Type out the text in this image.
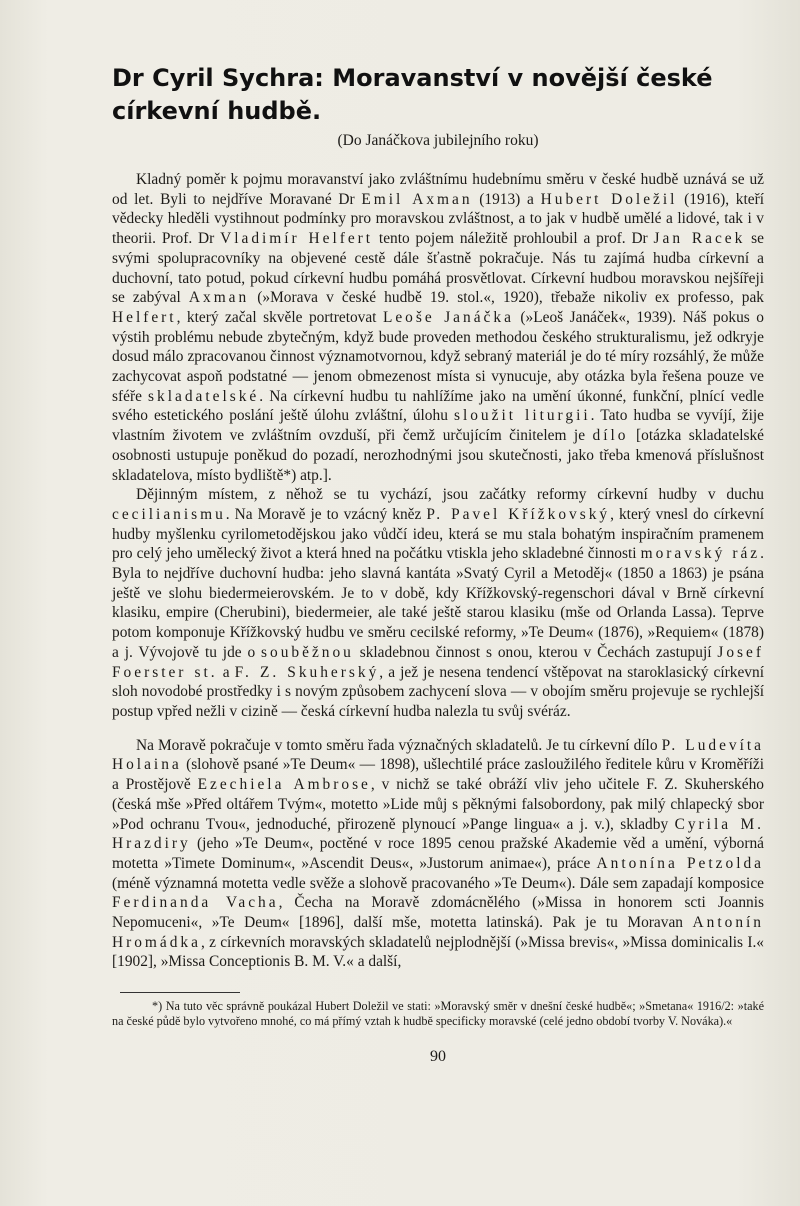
Dr Cyril Sychra: Moravanství v novější české církevní hudbě.
(Do Janáčkova jubilejního roku)

Kladný poměr k pojmu moravanství jako zvláštnímu hudebnímu směru v české hudbě uznává se už od let. Byli to nejdříve Moravané Dr Emil Axman (1913) a Hubert Doležil (1916), kteří vědecky hleděli vystihnout podmínky pro moravskou zvláštnost, a to jak v hudbě umělé a lidové, tak i v theorii. Prof. Dr Vladimír Helfert tento pojem náležitě prohloubil a prof. Dr Jan Racek se svými spolupracovníky na objevené cestě dále šťastně pokračuje. Nás tu zajímá hudba církevní a duchovní, tato potud, pokud církevní hudbu pomáhá prosvětlovat. Církevní hudbou moravskou nejšířeji se zabýval Axman (»Morava v české hudbě 19. stol.«, 1920), třebaže nikoliv ex professo, pak Helfert, který začal skvěle portretovat Leoše Janáčka (»Leoš Janáček«, 1939). Náš pokus o výstih problému nebude zbytečným, když bude proveden methodou českého strukturalismu, jež odkryje dosud málo zpracovanou činnost významotvornou, když sebraný materiál je do té míry rozsáhlý, že může zachycovat aspoň podstatné — jenom obmezenost místa si vynucuje, aby otázka byla řešena pouze ve sféře skladatelské. Na církevní hudbu tu nahlížíme jako na umění úkonné, funkční, plnící vedle svého estetického poslání ještě úlohu zvláštní, úlohu sloužit liturgii. Tato hudba se vyvíjí, žije vlastním životem ve zvláštním ovzduší, při čemž určujícím činitelem je dílo [otázka skladatelské osobnosti ustupuje poněkud do pozadí, nerozhodnými jsou skutečnosti, jako třeba kmenová příslušnost skladatelova, místo bydliště*) atp.].

Dějinným místem, z něhož se tu vychází, jsou začátky reformy církevní hudby v duchu cecilianismu. Na Moravě je to vzácný kněz P. Pavel Křížkovský, který vnesl do církevní hudby myšlenku cyrilometodějskou jako vůdčí ideu, která se mu stala bohatým inspiračním pramenem pro celý jeho umělecký život a která hned na počátku vtiskla jeho skladebné činnosti moravský ráz. Byla to nejdříve duchovní hudba: jeho slavná kantáta »Svatý Cyril a Metoděj« (1850 a 1863) je psána ještě ve slohu biedermeierovském. Je to v době, kdy Křížkovský-regenschori dával v Brně církevní klasiku, empire (Cherubini), biedermeier, ale také ještě starou klasiku (mše od Orlanda Lassa). Teprve potom komponuje Křížkovský hudbu ve směru cecilské reformy, »Te Deum« (1876), »Requiem« (1878) a j. Vývojově tu jde o souběžnou skladebnou činnost s onou, kterou v Čechách zastupují Josef Foerster st. a F. Z. Skuherský, a jež je nesena tendencí vštěpovat na staroklasický církevní sloh novodobé prostředky i s novým způsobem zachycení slova — v obojím směru projevuje se rychlejší postup vpřed nežli v cizině — česká církevní hudba nalezla tu svůj svéráz.

Na Moravě pokračuje v tomto směru řada význačných skladatelů. Je tu církevní dílo P. Ludevíta Holaina (slohově psané »Te Deum« — 1898), ušlechtilé práce zasloužilého ředitele kůru v Kroměříži a Prostějově Ezechiela Ambrose, v nichž se také obráží vliv jeho učitele F. Z. Skuherského (česká mše »Před oltářem Tvým«, motetto »Lide můj s pěknými falsobordony, pak milý chlapecký sbor »Pod ochranu Tvou«, jednoduché, přirozeně plynoucí »Pange lingua« a j. v.), skladby Cyrila M. Hrazdiry (jeho »Te Deum«, poctěné v roce 1895 cenou pražské Akademie věd a umění, výborná motetta »Timete Dominum«, »Ascendit Deus«, »Justorum animae«), práce Antonína Petzolda (méně významná motetta vedle svěže a slohově pracovaného »Te Deum«). Dále sem zapadají komposice Ferdinanda Vacha, Čecha na Moravě zdomácnělého (»Missa in honorem scti Joannis Nepomuceni«, »Te Deum« [1896], další mše, motetta latinská). Pak je tu Moravan Antonín Hromádka, z církevních moravských skladatelů nejplodnější (»Missa brevis«, »Missa dominicalis I.« [1902], »Missa Conceptionis B. M. V.« a další,

*) Na tuto věc správně poukázal Hubert Doležil ve stati: »Moravský směr v dnešní české hudbě«; »Smetana« 1916/2: »také na české půdě bylo vytvořeno mnohé, co má přímý vztah k hudbě specificky moravské (celé jedno období tvorby V. Nováka).«
90
